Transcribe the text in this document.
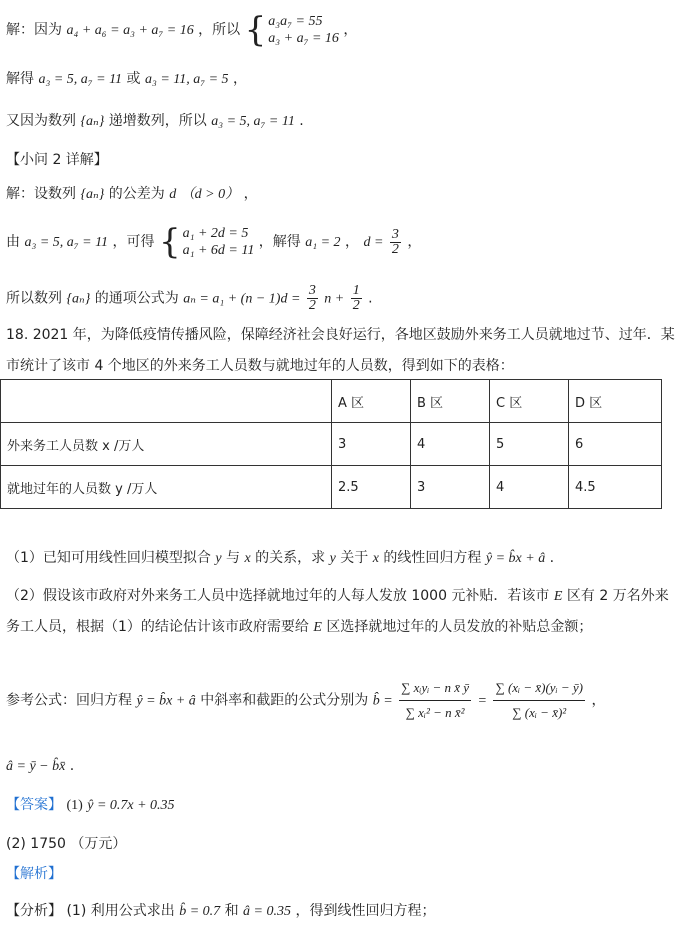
解：因为 a₄ + a₆ = a₃ + a₇ = 16 ，所以 { a₃a₇ = 55
a₃ + a₇ = 16
，
解得 a₃ = 5, a₇ = 11 或 a₃ = 11, a₇ = 5 ，
又因为数列 {aₙ} 递增数列，所以 a₃ = 5, a₇ = 11 .
【小问 2 详解】
解：设数列 {aₙ} 的公差为 d （d > 0） ，
由 a₃ = 5, a₇ = 11 ，可得 { a₁ + 2d = 5
a₁ + 6d = 11
，解得 a₁ = 2 ， $d = \frac{3}{2}$ ，
所以数列 {aₙ} 的通项公式为 $a_n = a_1 + (n - 1)d = \frac{3}{2}$ $n + \frac{1}{2}$ .
18. 2021 年，为降低疫情传播风险，保障经济社会良好运行，各地区鼓励外来务工人员就地过节、过年．某
市统计了该市 4 个地区的外来务工人员数与就地过年的人员数，得到如下的表格：
	A 区	B 区	C 区	D 区
外来务工人员数 x /万人	3	4	5	6
就地过年的人员数 y /万人	2.5	3	4	4.5
（1）已知可用线性回归模型拟合 y 与 x 的关系，求 y 关于 x 的线性回归方程 ŷ = b̂x + â .
（2）假设该市政府对外来务工人员中选择就地过年的人每人发放 1000 元补贴．若该市 E 区有 2 万名外来
务工人员，根据（1）的结论估计该市政府需要给 E 区选择就地过年的人员发放的补贴总金额；
参考公式：回归方程 ŷ = b̂x + â 中斜率和截距的公式分别为 b̂ = $\frac{\text{∑ xᵢyᵢ − n x̄ ȳ}}{\text{∑ xᵢ² − n x̄²}} = \frac{\text{∑ (xᵢ − x̄)(yᵢ − ȳ)}}{\text{∑ (xᵢ − x̄)²}}$ ，
â = ȳ − b̂x̄ .
【答案】 (1) ŷ = 0.7x + 0.35
(2) 1750 （万元）
【解析】
【分析】 (1) 利用公式求出 b̂ = 0.7 和 â = 0.35 ，得到线性回归方程；
